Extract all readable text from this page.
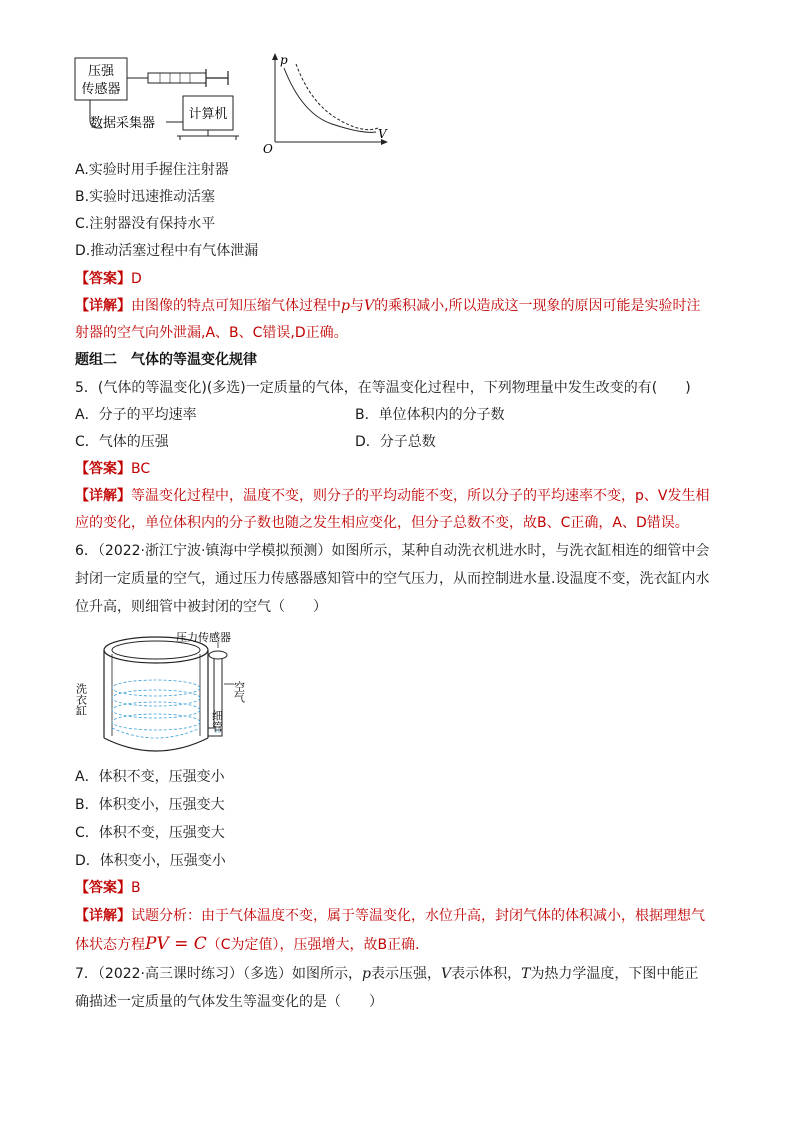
压强
传感器
数据采集器
计算机
p
V
O
A.实验时用手握住注射器
B.实验时迅速推动活塞
C.注射器没有保持水平
D.推动活塞过程中有气体泄漏
【答案】D
【详解】由图像的特点可知压缩气体过程中p与V的乘积减小,所以造成这一现象的原因可能是实验时注
射器的空气向外泄漏,A、B、C错误,D正确。
题组二　气体的等温变化规律
5．(气体的等温变化)(多选)一定质量的气体，在等温变化过程中，下列物理量中发生改变的有(　　)
A．分子的平均速率	B．单位体积内的分子数
C．气体的压强	D．分子总数
【答案】BC
【详解】等温变化过程中，温度不变，则分子的平均动能不变，所以分子的平均速率不变，p、V发生相
应的变化，单位体积内的分子数也随之发生相应变化，但分子总数不变，故B、C正确，A、D错误。
6．（2022·浙江宁波·镇海中学模拟预测）如图所示，某种自动洗衣机进水时，与洗衣缸相连的细管中会
封闭一定质量的空气，通过压力传感器感知管中的空气压力，从而控制进水量.设温度不变，洗衣缸内水
位升高，则细管中被封闭的空气（　　）
压力传感器
空气
细管
洗衣缸
A．体积不变，压强变小
B．体积变小，压强变大
C．体积不变，压强变大
D．体积变小，压强变小
【答案】B
【详解】试题分析：由于气体温度不变，属于等温变化，水位升高，封闭气体的体积减小，根据理想气
体状态方程PV = C（C为定值），压强增大，故B正确．
7．（2022·高三课时练习）（多选）如图所示，p表示压强，V表示体积，T为热力学温度，下图中能正
确描述一定质量的气体发生等温变化的是（　　）
